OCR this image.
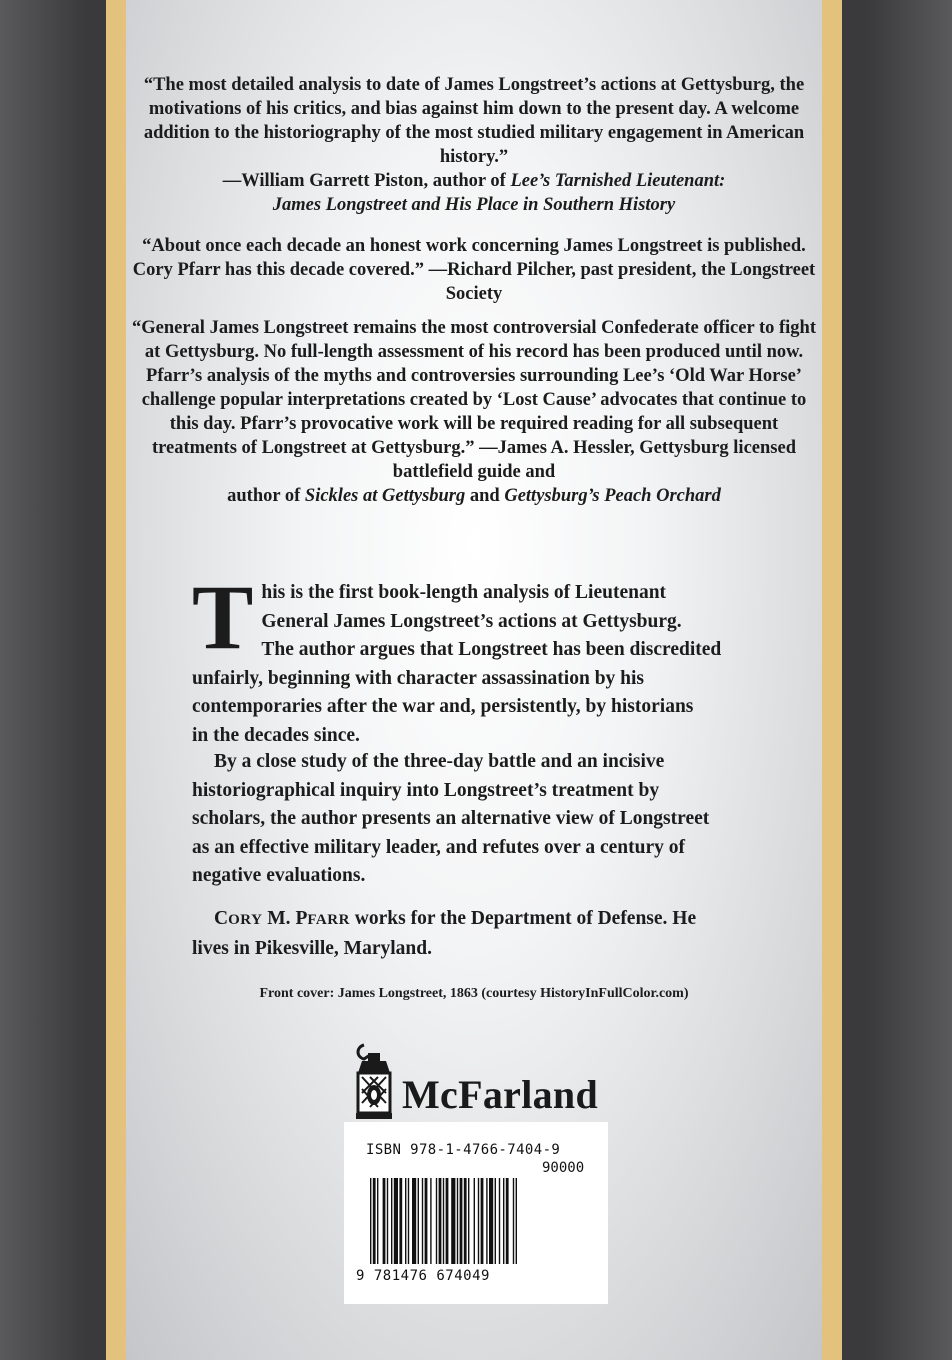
“The most detailed analysis to date of James Longstreet’s actions at Gettysburg, the motivations of his critics, and bias against him down to the present day. A welcome addition to the historiography of the most studied military engagement in American history.”
—William Garrett Piston, author of Lee’s Tarnished Lieutenant:
James Longstreet and His Place in Southern History
“About once each decade an honest work concerning James Longstreet is published. Cory Pfarr has this decade covered.” —Richard Pilcher, past president, the Longstreet Society
“General James Longstreet remains the most controversial Confederate officer to fight at Gettysburg. No full-length assessment of his record has been produced until now. Pfarr’s analysis of the myths and controversies surrounding Lee’s ‘Old War Horse’ challenge popular interpretations created by ‘Lost Cause’ advocates that continue to this day. Pfarr’s provocative work will be required reading for all subsequent treatments of Longstreet at Gettysburg.” —James A. Hessler, Gettysburg licensed battlefield guide and
author of Sickles at Gettysburg and Gettysburg’s Peach Orchard
T his is the first book-length analysis of Lieutenant
General James Longstreet’s actions at Gettysburg.
The author argues that Longstreet has been discredited
unfairly, beginning with character assassination by his
contemporaries after the war and, persistently, by historians
in the decades since.

By a close study of the three-day battle and an incisive
historiographical inquiry into Longstreet’s treatment by
scholars, the author presents an alternative view of Longstreet
as an effective military leader, and refutes over a century of
negative evaluations.

CORY M. PFARR works for the Department of Defense. He
lives in Pikesville, Maryland.

Front cover: James Longstreet, 1863 (courtesy HistoryInFullColor.com)
McFarland
ISBN 978-1-4766-7404-9
90000
9 781476 674049
